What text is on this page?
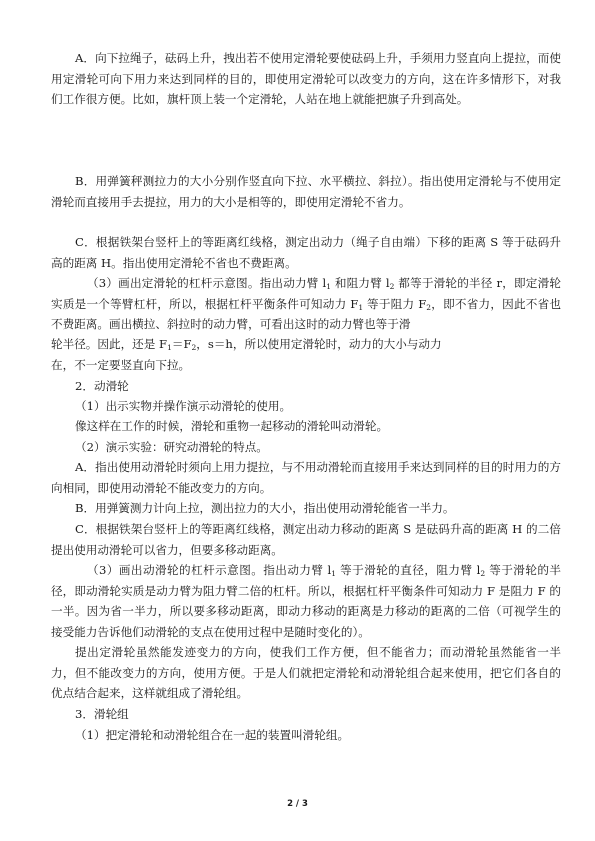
A．向下拉绳子，砝码上升，拽出若不使用定滑轮要使砝码上升，手须用力竖直向上提拉，而使用定滑轮可向下用力来达到同样的目的，即使用定滑轮可以改变力的方向，这在许多情形下，对我们工作很方便。比如，旗杆顶上装一个定滑轮，人站在地上就能把旗子升到高处。

B．用弹簧秤测拉力的大小分别作竖直向下拉、水平横拉、斜拉）。指出使用定滑轮与不使用定滑轮而直接用手去提拉，用力的大小是相等的，即使用定滑轮不省力。

C．根据铁架台竖杆上的等距离红线格，测定出动力（绳子自由端）下移的距离 S 等于砝码升高的距离 H。指出使用定滑轮不省也不费距离。

（3）画出定滑轮的杠杆示意图。指出动力臂 $l_1$ 和阻力臂 $l_2$ 都等于滑轮的半径 r，即定滑轮实质是一个等臂杠杆，所以，根据杠杆平衡条件可知动力 $F_1$ 等于阻力 $F_2$，即不省力，因此不省也不费距离。画出横拉、斜拉时的动力臂，可看出这时的动力臂也等于滑

轮半径。因此，还是 $F_1=F_2$，s＝h，所以使用定滑轮时，动力的大小与动力

在，不一定要竖直向下拉。

2．动滑轮

（1）出示实物并操作演示动滑轮的使用。

像这样在工作的时候，滑轮和重物一起移动的滑轮叫动滑轮。

（2）演示实验：研究动滑轮的特点。

A．指出使用动滑轮时须向上用力提拉，与不用动滑轮而直接用手来达到同样的目的时用力的方向相同，即使用动滑轮不能改变力的方向。

B．用弹簧测力计向上拉，测出拉力的大小，指出使用动滑轮能省一半力。

C．根据铁架台竖杆上的等距离红线格，测定出动力移动的距离 S 是砝码升高的距离 H 的二倍提出使用动滑轮可以省力，但要多移动距离。

（3）画出动滑轮的杠杆示意图。指出动力臂 $l_1$ 等于滑轮的直径，阻力臂 $l_2$ 等于滑轮的半径，即动滑轮实质是动力臂为阻力臂二倍的杠杆。所以，根据杠杆平衡条件可知动力 F 是阻力 F 的一半。因为省一半力，所以要多移动距离，即动力移动的距离是力移动的距离的二倍（可视学生的接受能力告诉他们动滑轮的支点在使用过程中是随时变化的）。

提出定滑轮虽然能发迹变力的方向，使我们工作方便，但不能省力；而动滑轮虽然能省一半力，但不能改变力的方向，使用方便。于是人们就把定滑轮和动滑轮组合起来使用，把它们各自的优点结合起来，这样就组成了滑轮组。

3．滑轮组

（1）把定滑轮和动滑轮组合在一起的装置叫滑轮组。

2 / 3
